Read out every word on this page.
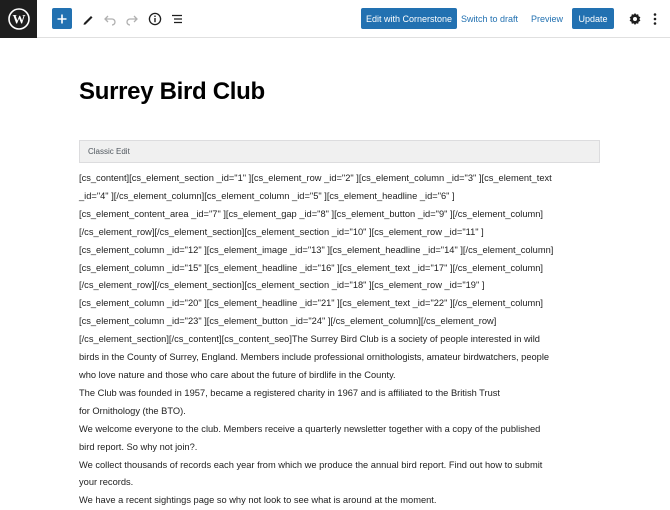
W	Edit with Cornerstone Switch to draft Preview	Update
Surrey Bird Club
Classic Edit

[cs_content][cs_element_section _id="1" ][cs_element_row _id="2" ][cs_element_column _id="3" ][cs_element_text

_id="4" ][/cs_element_column][cs_element_column _id="5" ][cs_element_headline _id="6" ]

[cs_element_content_area _id="7" ][cs_element_gap _id="8" ][cs_element_button _id="9" ][/cs_element_column]

[/cs_element_row][/cs_element_section][cs_element_section _id="10" ][cs_element_row _id="11" ]

[cs_element_column _id="12" ][cs_element_image _id="13" ][cs_element_headline _id="14" ][/cs_element_column]

[cs_element_column _id="15" ][cs_element_headline _id="16" ][cs_element_text _id="17" ][/cs_element_column]

[/cs_element_row][/cs_element_section][cs_element_section _id="18" ][cs_element_row _id="19" ]

[cs_element_column _id="20" ][cs_element_headline _id="21" ][cs_element_text _id="22" ][/cs_element_column]

[cs_element_column _id="23" ][cs_element_button _id="24" ][/cs_element_column][/cs_element_row]

[/cs_element_section][/cs_content][cs_content_seo]The Surrey Bird Club is a society of people interested in wild

birds in the County of Surrey, England. Members include professional ornithologists, amateur birdwatchers, people

who love nature and those who care about the future of birdlife in the County.

The Club was founded in 1957, became a registered charity in 1967 and is affiliated to the British Trust

for Ornithology (the BTO).

We welcome everyone to the club. Members receive a quarterly newsletter together with a copy of the published

bird report. So why not join?.

We collect thousands of records each year from which we produce the annual bird report. Find out how to submit

your records.

We have a recent sightings page so why not look to see what is around at the moment.
